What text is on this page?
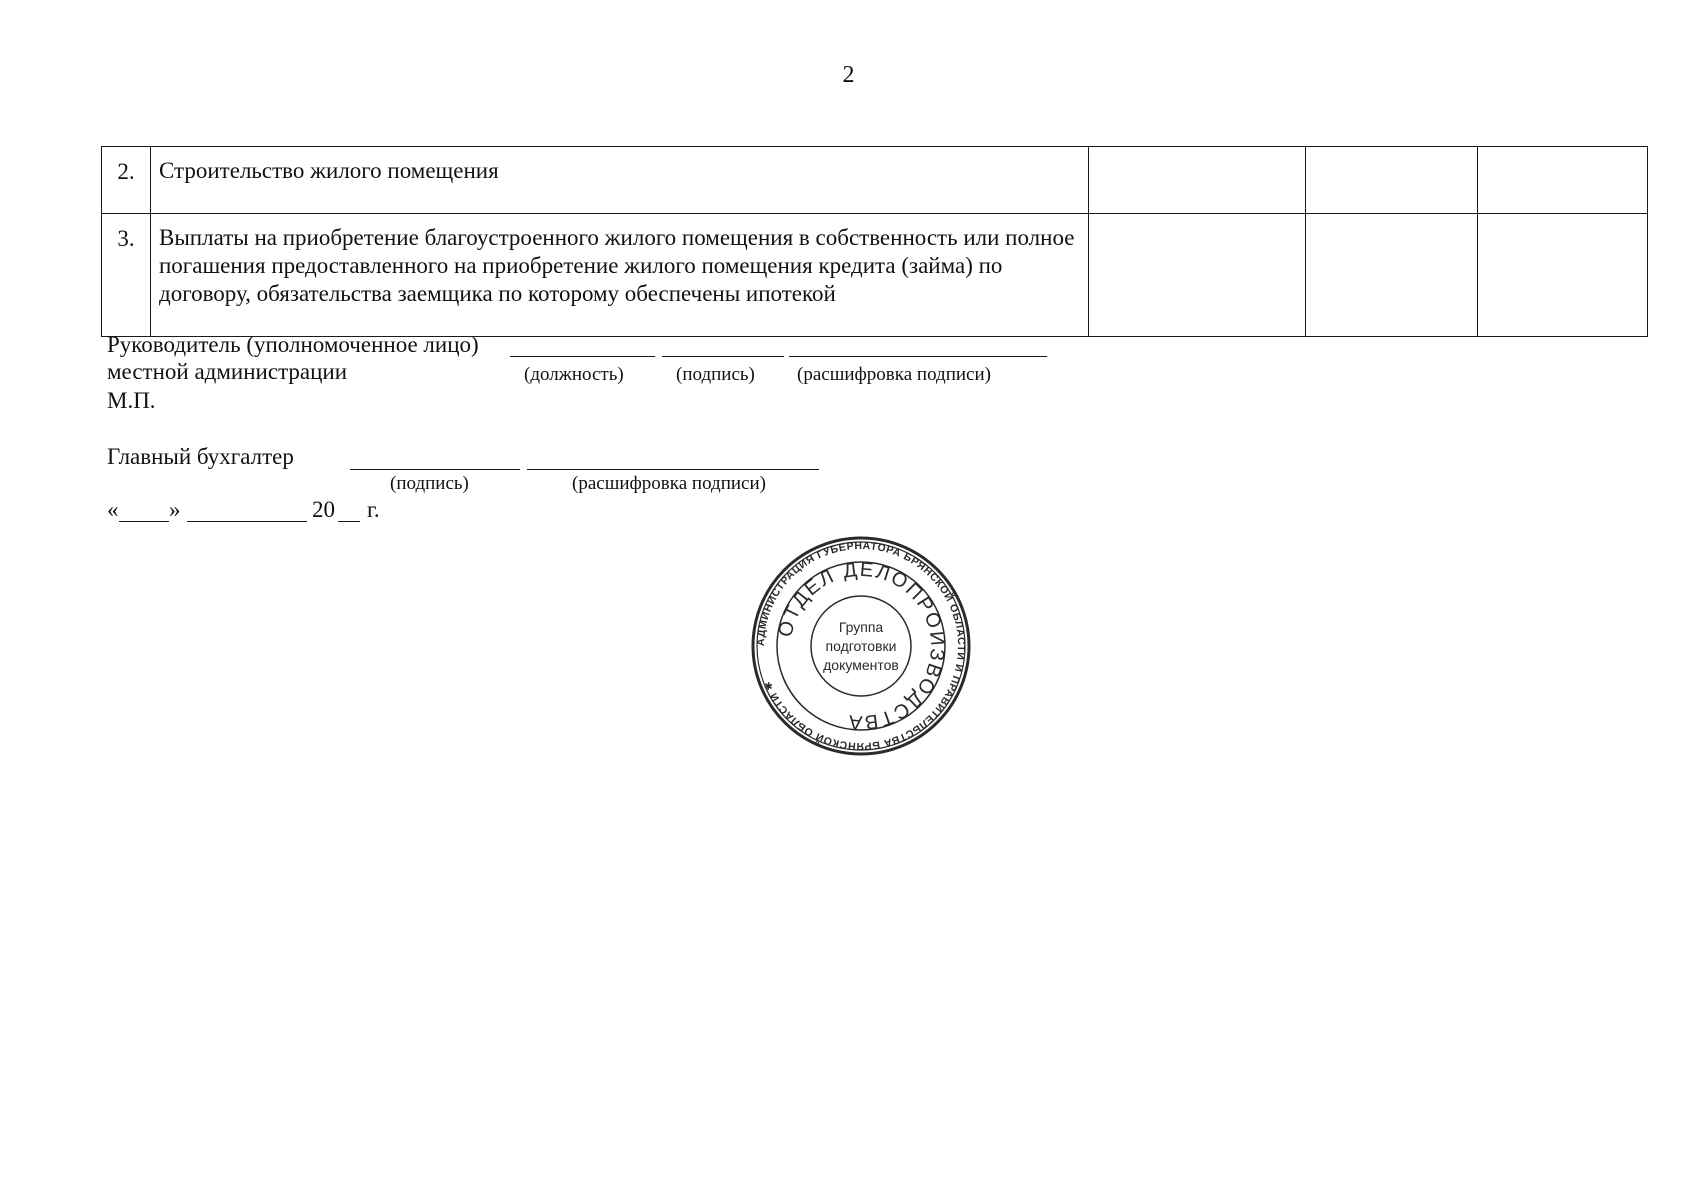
2
2.	Строительство жилого помещения			
3.	Выплаты на приобретение благоустроенного жилого помещения в собственность или полное погашения предоставленного на приобретение жилого помещения кредита (займа) по договору, обязательства заемщика по которому обеспечены ипотекой			
Руководитель (уполномоченное лицо)
местной администрации	(должность)	(подпись) (расшифровка подписи)
М.П.
Главный бухгалтер
(подпись)	(расшифровка подписи)
« »	20 г.
АДМИНИСТРАЦИЯ ГУБЕРНАТОРА БРЯНСКОЙ ОБЛАСТИ И ПРАВИТЕЛЬСТВА БРЯНСКОЙ ОБЛАСТИ ✱
ОТДЕЛ ДЕЛОПРОИЗВОДСТВА
Группа
подготовки
документов
